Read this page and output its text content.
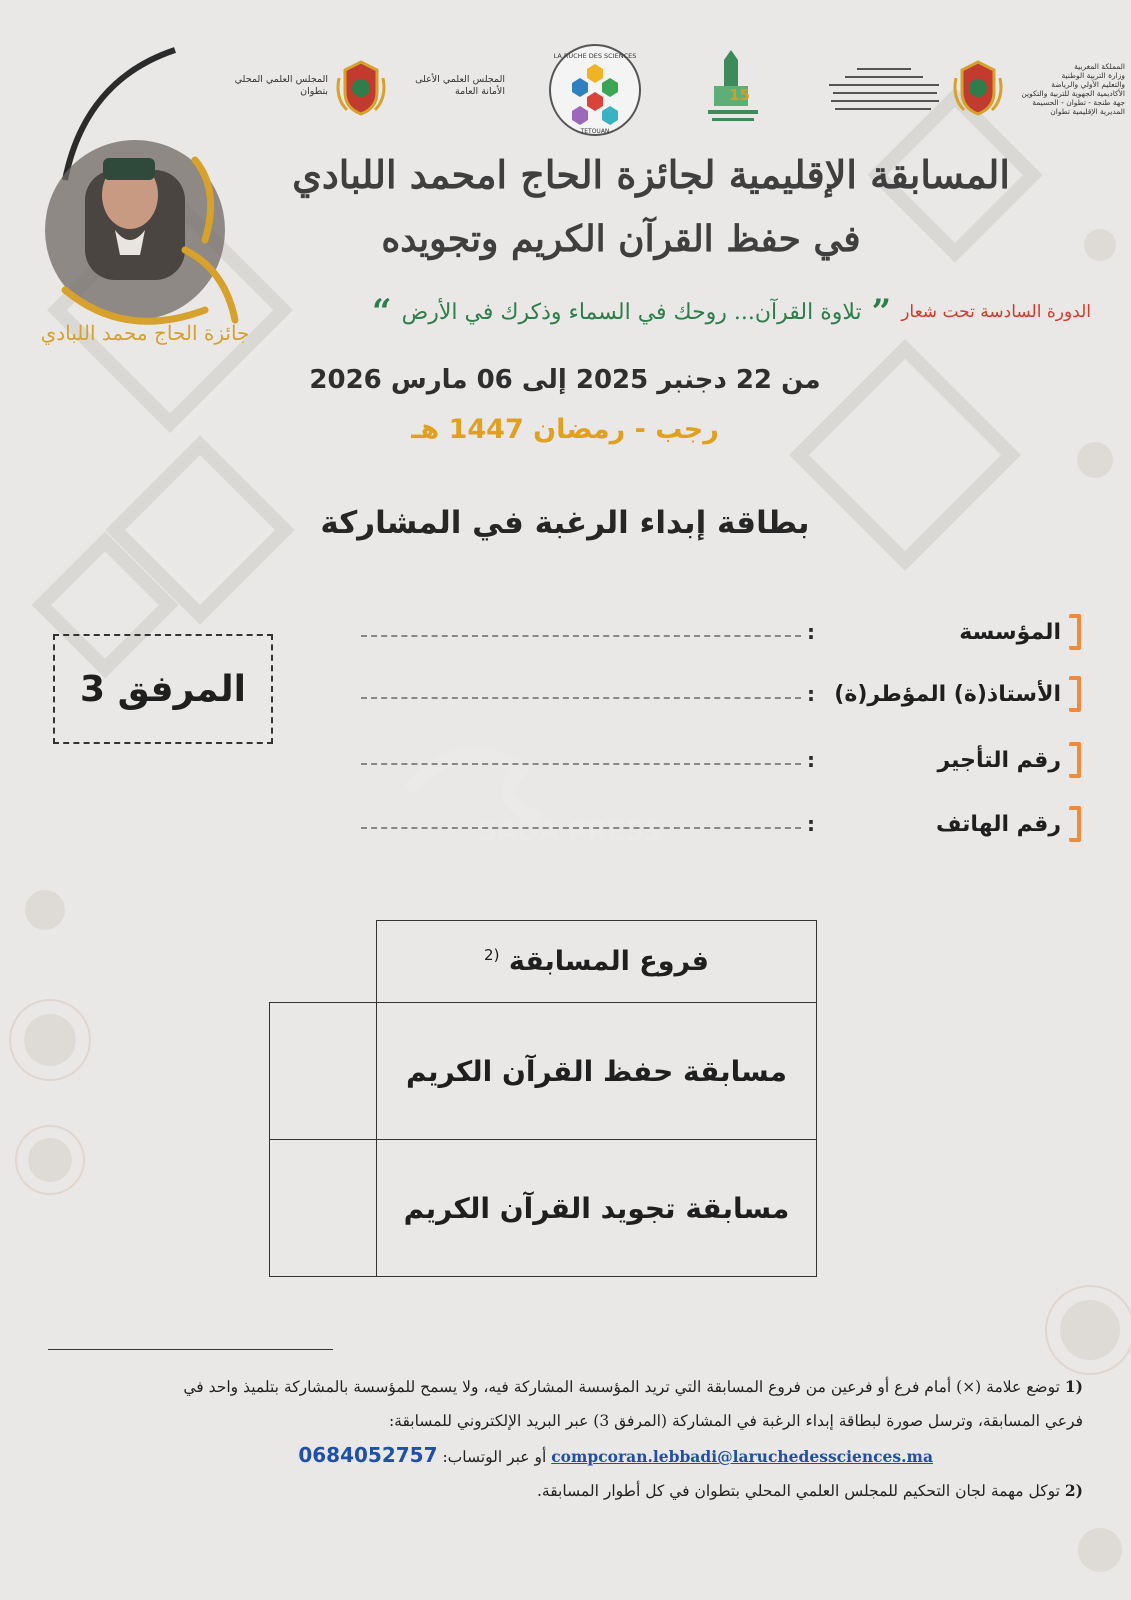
جائزة الحاج محمد اللبادي
المجلس العلمي المحلي
بتطوان
المجلس العلمي الأعلى
الأمانة العامة
LA RUCHE DES SCIENCES
TETOUAN
15
المملكة المغربية
وزارة التربية الوطنية
والتعليم الأولي والرياضة
الأكاديمية الجهوية للتربية والتكوين
جهة طنجة - تطوان - الحسيمة
المديرية الإقليمية تطوان
المسابقة الإقليمية لجائزة الحاج امحمد اللبادي
في حفظ القرآن الكريم وتجويده
الدورة السادسة تحت شعار
”
تلاوة القرآن... روحك في السماء وذكرك في الأرض
“
من 22 دجنبر 2025 إلى 06 مارس 2026
رجب - رمضان 1447 هـ
بطاقة إبداء الرغبة في المشاركة
المرفق 3
SADA PRESS
المؤسسة
:
الأستاذ(ة) المؤطر(ة)
:
رقم التأجير
:
رقم الهاتف
:
فروع المسابقة $^{(2}$	
مسابقة حفظ القرآن الكريم	
مسابقة تجويد القرآن الكريم	
(1 توضع علامة (×) أمام فرع أو فرعين من فروع المسابقة التي تريد المؤسسة المشاركة فيه، ولا يسمح للمؤسسة بالمشاركة بتلميذ واحد في
فرعي المسابقة، وترسل صورة لبطاقة إبداء الرغبة في المشاركة (المرفق 3) عبر البريد الإلكتروني للمسابقة:
compcoran.lebbadi@laruchedessciences.ma أو عبر الوتساب: 0684052757
(2 توكل مهمة لجان التحكيم للمجلس العلمي المحلي بتطوان في كل أطوار المسابقة.
